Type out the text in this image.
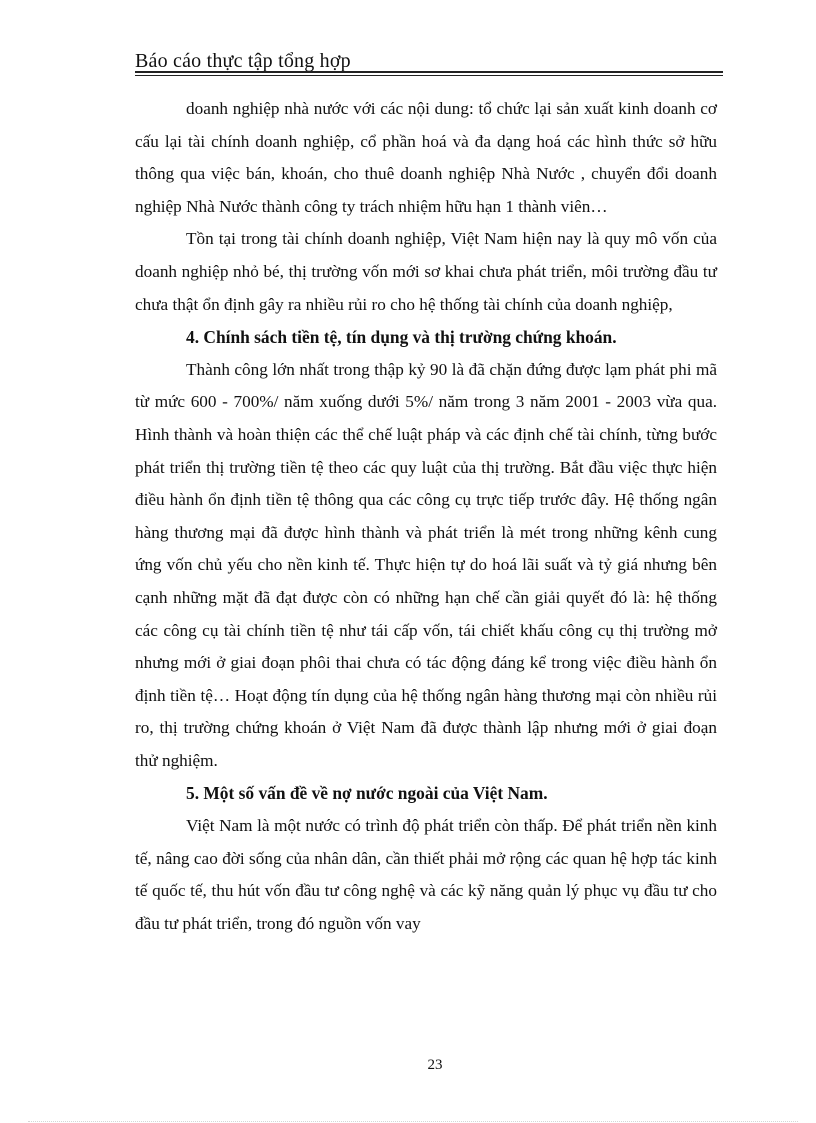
Báo cáo thực tập tổng hợp

doanh nghiệp nhà nước với các nội dung: tổ chức lại sản xuất kinh doanh cơ cấu lại tài chính doanh nghiệp, cổ phần hoá và đa dạng hoá các hình thức sở hữu thông qua việc bán, khoán, cho thuê doanh nghiệp Nhà Nước , chuyển đổi doanh nghiệp Nhà Nước thành công ty trách nhiệm hữu hạn 1 thành viên…

Tồn tại trong tài chính doanh nghiệp, Việt Nam hiện nay là quy mô vốn của doanh nghiệp nhỏ bé, thị trường vốn mới sơ khai chưa phát triển, môi trường đầu tư chưa thật ổn định gây ra nhiều rủi ro cho hệ thống tài chính của doanh nghiệp,

4. Chính sách tiền tệ, tín dụng và thị trường chứng khoán.

Thành công lớn nhất trong thập kỷ 90 là đã chặn đứng được lạm phát phi mã từ mức 600 - 700%/ năm xuống dưới 5%/ năm trong 3 năm 2001 - 2003 vừa qua. Hình thành và hoàn thiện các thể chế luật pháp và các định chế tài chính, từng bước phát triển thị trường tiền tệ theo các quy luật của thị trường. Bắt đầu việc thực hiện điều hành ổn định tiền tệ thông qua các công cụ trực tiếp trước đây. Hệ thống ngân hàng thương mại đã được hình thành và phát triển là mét trong những kênh cung ứng vốn chủ yếu cho nền kinh tế. Thực hiện tự do hoá lãi suất và tỷ giá nhưng bên cạnh những mặt đã đạt được còn có những hạn chế cần giải quyết đó là: hệ thống các công cụ tài chính tiền tệ như tái cấp vốn, tái chiết khấu công cụ thị trường mở nhưng mới ở giai đoạn phôi thai chưa có tác động đáng kể trong việc điều hành ổn định tiền tệ… Hoạt động tín dụng của hệ thống ngân hàng thương mại còn nhiều rủi ro, thị trường chứng khoán ở Việt Nam đã được thành lập nhưng mới ở giai đoạn thử nghiệm.

5. Một số vấn đề về nợ nước ngoài của Việt Nam.

Việt Nam là một nước có trình độ phát triển còn thấp. Để phát triển nền kinh tế, nâng cao đời sống của nhân dân, cần thiết phải mở rộng các quan hệ hợp tác kinh tế quốc tế, thu hút vốn đầu tư công nghệ và các kỹ năng quản lý phục vụ đầu tư cho đầu tư phát triển, trong đó nguồn vốn vay

23
